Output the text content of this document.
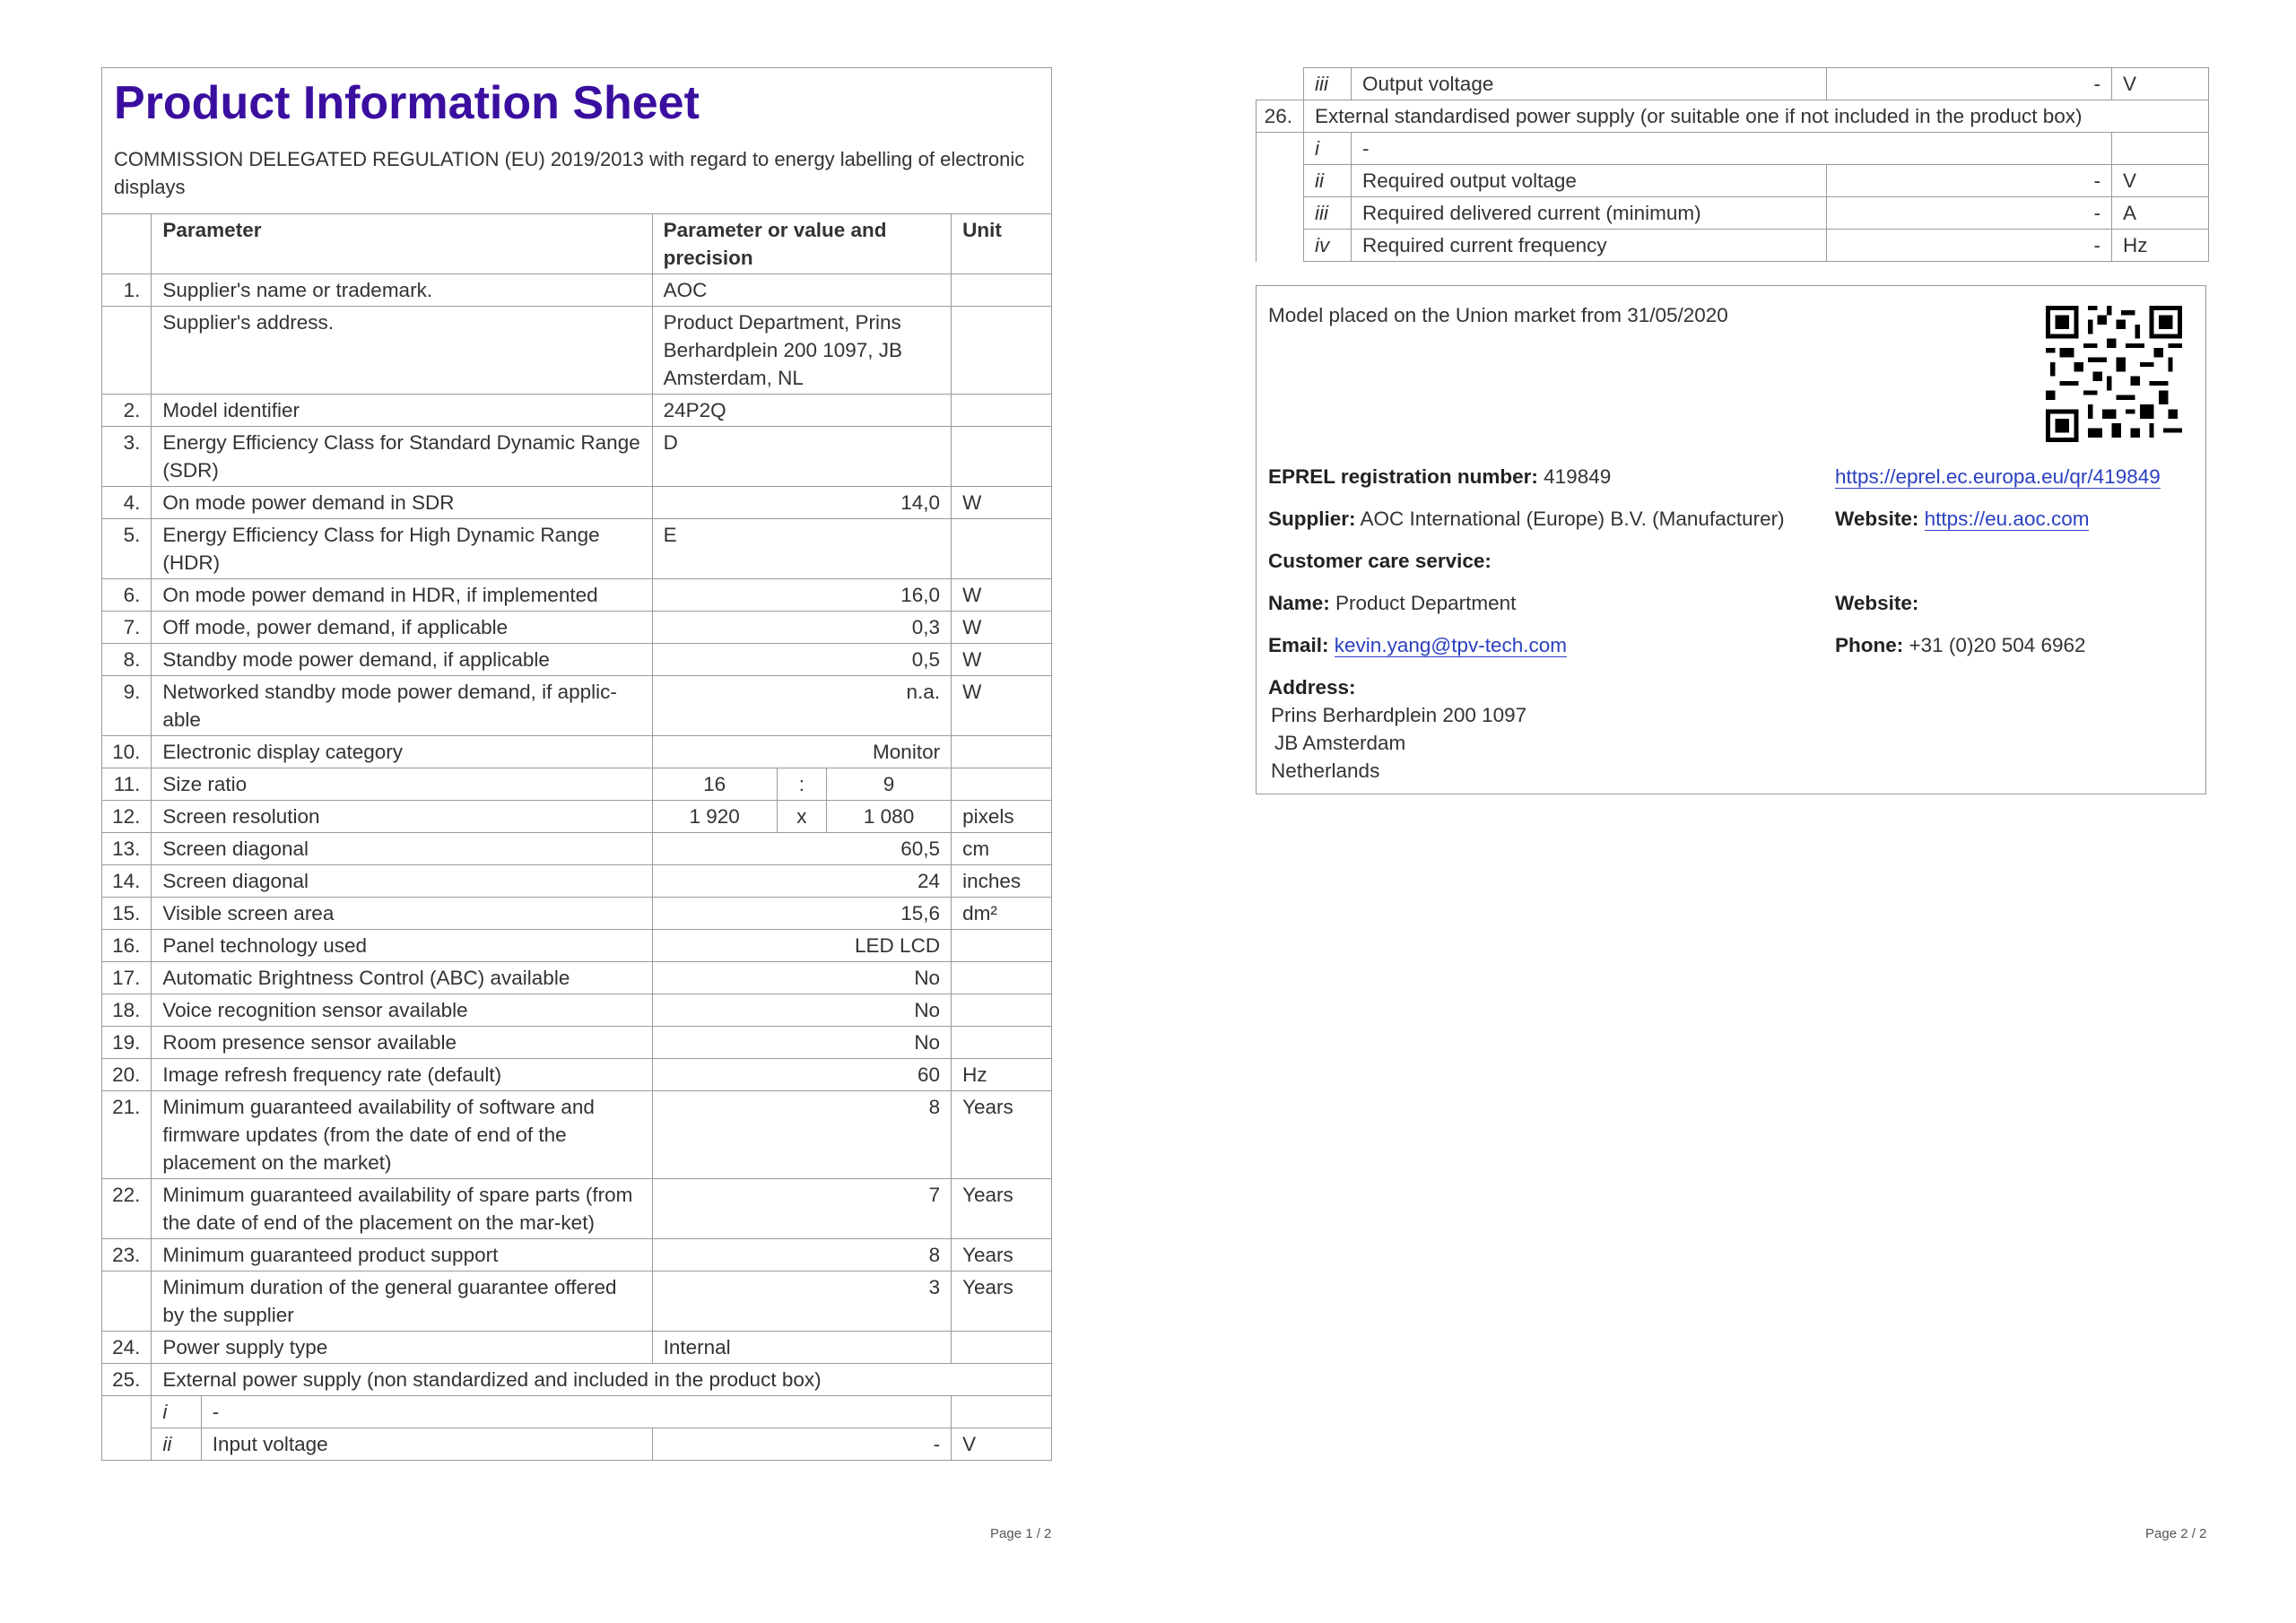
Product Information Sheet
COMMISSION DELEGATED REGULATION (EU) 2019/2013 with regard to energy labelling of electronic displays
	Parameter		Parameter or value and precision			Unit
1.	Supplier's name or trademark.		AOC			
	Supplier's address.		Product Department, Prins Berhardplein 200 1097, JB Amsterdam, NL			
2.	Model identifier		24P2Q			
3.	Energy Efficiency Class for Standard Dynamic Range (SDR)		D			
4.	On mode power demand in SDR		14,0			W
5.	Energy Efficiency Class for High Dynamic Range (HDR)		E			
6.	On mode power demand in HDR, if implemented		16,0			W
7.	Off mode, power demand, if applicable		0,3			W
8.	Standby mode power demand, if applicable		0,5			W
9.	Networked standby mode power demand, if applic-able		n.a.			W
10.	Electronic display category		Monitor			
11.	Size ratio		16	:	9	
12.	Screen resolution		1 920	x	1 080	pixels
13.	Screen diagonal		60,5			cm
14.	Screen diagonal		24			inches
15.	Visible screen area		15,6			dm²
16.	Panel technology used		LED LCD			
17.	Automatic Brightness Control (ABC) available		No			
18.	Voice recognition sensor available		No			
19.	Room presence sensor available		No			
20.	Image refresh frequency rate (default)		60			Hz
21.	Minimum guaranteed availability of software and firmware updates (from the date of end of the placement on the market)		8			Years
22.	Minimum guaranteed availability of spare parts (from the date of end of the placement on the mar-ket)		7			Years
23.	Minimum guaranteed product support		8			Years
	Minimum duration of the general guarantee offered by the supplier		3			Years
24.	Power supply type		Internal			
25.	External power supply (non standardized and included in the product box)					
	i	-				
	ii	Input voltage	-			V
Page 1 / 2
	iii	Output voltage	-	V
26.	External standardised power supply (or suitable one if not included in the product box)			
	i	-		
	ii	Required output voltage	-	V
	iii	Required delivered current (minimum)	-	A
	iv	Required current frequency	-	Hz
Model placed on the Union market from 31/05/2020
EPREL registration number: 419849	https://eprel.ec.europa.eu/qr/419849
Supplier: AOC International (Europe) B.V. (Manufacturer)	Website: https://eu.aoc.com
Customer care service:
Name: Product Department	Website:
Email: kevin.yang@tpv-tech.com	Phone: +31 (0)20 504 6962
Address:
Prins Berhardplein 200 1097
JB Amsterdam
Netherlands
Page 2 / 2
